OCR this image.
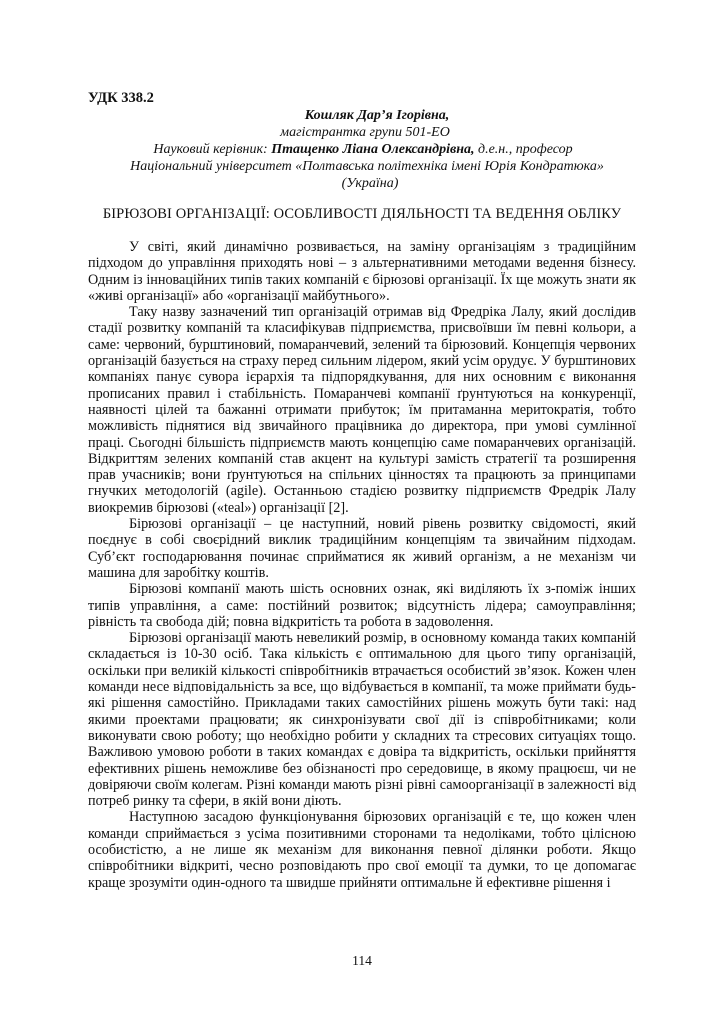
УДК 338.2
Кошляк Дар’я Ігорівна,
магістрантка групи 501-ЕО
Науковий керівник: Птащенко Ліана Олександрівна, д.е.н., професор
Національний університет «Полтавська політехніка імені Юрія Кондратюка»
(Україна)
БІРЮЗОВІ ОРГАНІЗАЦІЇ: ОСОБЛИВОСТІ ДІЯЛЬНОСТІ ТА ВЕДЕННЯ ОБЛІКУ

У світі, який динамічно розвивається, на заміну організаціям з традиційним підходом до управління приходять нові – з альтернативними методами ведення бізнесу. Одним із інноваційних типів таких компаній є бірюзові організації. Їх ще можуть знати як «живі організації» або «організації майбутнього».

Таку назву зазначений тип організацій отримав від Фредріка Лалу, який дослідив стадії розвитку компаній та класифікував підприємства, присвоївши їм певні кольори, а саме: червоний, бурштиновий, помаранчевий, зелений та бірюзовий. Концепція червоних організацій базується на страху перед сильним лідером, який усім орудує. У бурштинових компаніях панує сувора ієрархія та підпорядкування, для них основним є виконання прописаних правил і стабільність. Помаранчеві компанії ґрунтуються на конкуренції, наявності цілей та бажанні отримати прибуток; їм притаманна меритократія, тобто можливість піднятися від звичайного працівника до директора, при умові сумлінної праці. Сьогодні більшість підприємств мають концепцію саме помаранчевих організацій. Відкриттям зелених компаній став акцент на культурі замість стратегії та розширення прав учасників; вони ґрунтуються на спільних цінностях та працюють за принципами гнучких методологій (agile). Останньою стадією розвитку підприємств Фредрік Лалу виокремив бірюзові («teal») організації [2].

Бірюзові організації – це наступний, новий рівень розвитку свідомості, який поєднує в собі своєрідний виклик традиційним концепціям та звичайним підходам. Суб’єкт господарювання починає сприйматися як живий організм, а не механізм чи машина для заробітку коштів.

Бірюзові компанії мають шість основних ознак, які виділяють їх з-поміж інших типів управління, а саме: постійний розвиток; відсутність лідера; самоуправління; рівність та свобода дій; повна відкритість та робота в задоволення.

Бірюзові організації мають невеликий розмір, в основному команда таких компаній складається із 10-30 осіб. Така кількість є оптимальною для цього типу організацій, оскільки при великій кількості співробітників втрачається особистий зв’язок. Кожен член команди несе відповідальність за все, що відбувається в компанії, та може приймати будь-які рішення самостійно. Прикладами таких самостійних рішень можуть бути такі: над якими проектами працювати; як синхронізувати свої дії із співробітниками; коли виконувати свою роботу; що необхідно робити у складних та стресових ситуаціях тощо. Важливою умовою роботи в таких командах є довіра та відкритість, оскільки прийняття ефективних рішень неможливе без обізнаності про середовище, в якому працюєш, чи не довіряючи своїм колегам. Різні команди мають різні рівні самоорганізації в залежності від потреб ринку та сфери, в якій вони діють.

Наступною засадою функціонування бірюзових організацій є те, що кожен член команди сприймається з усіма позитивними сторонами та недоліками, тобто цілісною особистістю, а не лише як механізм для виконання певної ділянки роботи. Якщо співробітники відкриті, чесно розповідають про свої емоції та думки, то це допомагає краще зрозуміти один-одного та швидше прийняти оптимальне й ефективне рішення і

114
